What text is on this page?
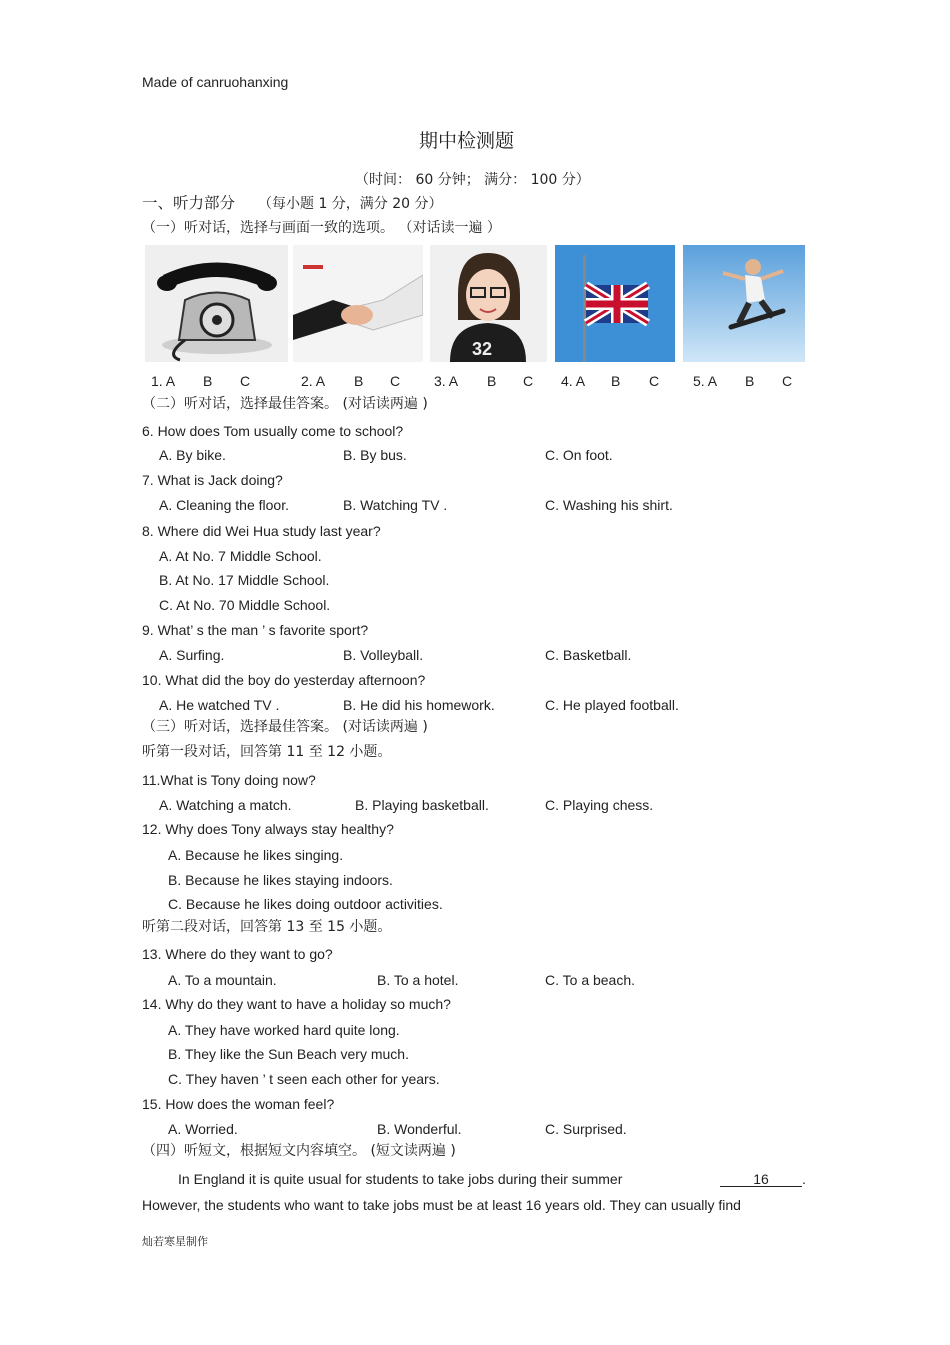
Made of canruohanxing
期中检测题
（时间： 60 分钟； 满分： 100 分）
一、听力部分 （每小题 1 分，满分 20 分）
（一）听对话，选择与画面一致的选项。 （对话读一遍 ）
32
1. A B C	2. A B C 3. A B C 4. A B C 5. A B C
（二）听对话，选择最佳答案。 (对话读两遍 )
6. How does Tom usually come to school?
A. By bike.	B. By bus.	C. On foot.
7. What is Jack doing?
A. Cleaning the floor.	B. Watching TV .	C. Washing his shirt.
8. Where did Wei Hua study last year?
A. At No. 7 Middle School.
B. At No. 17 Middle School.
C. At No. 70 Middle School.
9. What’ s the man ’ s favorite sport?
A. Surfing.	B. Volleyball.	C. Basketball.
10. What did the boy do yesterday afternoon?
A. He watched TV .	B. He did his homework.	C. He played football.
（三）听对话，选择最佳答案。 (对话读两遍 )
听第一段对话，回答第 11 至 12 小题。
11.What is Tony doing now?
A. Watching a match.	B. Playing basketball.	C. Playing chess.
12. Why does Tony always stay healthy?
A. Because he likes singing.
B. Because he likes staying indoors.
C. Because he likes doing outdoor activities.
听第二段对话，回答第 13 至 15 小题。
13. Where do they want to go?
A. To a mountain.	B. To a hotel.	C. To a beach.
14. Why do they want to have a holiday so much?
A. They have worked hard quite long.
B. They like the Sun Beach very much.
C. They haven ’ t seen each other for years.
15. How does the woman feel?
A. Worried.	B. Wonderful.	C. Surprised.
（四）听短文，根据短文内容填空。 (短文读两遍 )
In England it is quite usual for students to take jobs during their summer	16 .
However, the students who want to take jobs must be at least 16 years old. They can usually find
灿若寒星制作
